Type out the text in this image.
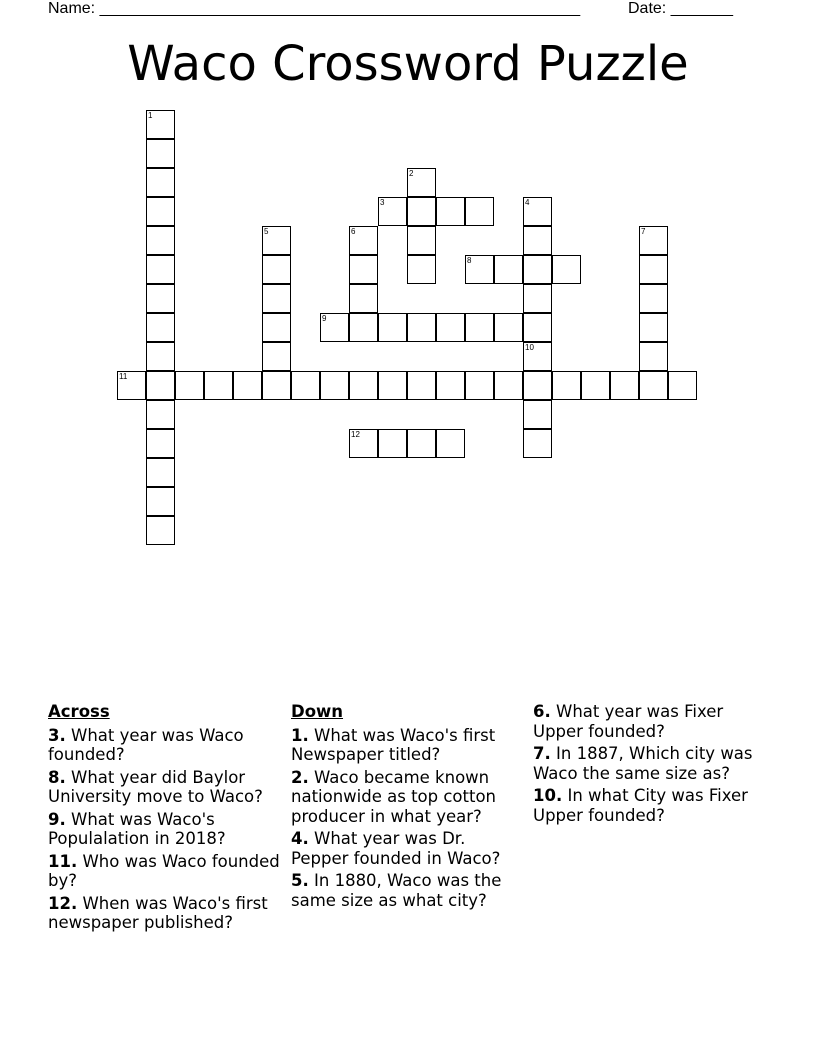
Name: ______________________________________________________	Date: _______
Waco Crossword Puzzle
1
2
3	4
5	6	7
8
9
10
11
12
Across
3. What year was Waco founded?
8. What year did Baylor University move to Waco?
9. What was Waco's Populalation in 2018?
11. Who was Waco founded by?
12. When was Waco's first newspaper published?
Down
1. What was Waco's first Newspaper titled?
2. Waco became known nationwide as top cotton producer in what year?
4. What year was Dr. Pepper founded in Waco?
5. In 1880, Waco was the same size as what city?
6. What year was Fixer Upper founded?
7. In 1887, Which city was Waco the same size as?
10. In what City was Fixer Upper founded?
